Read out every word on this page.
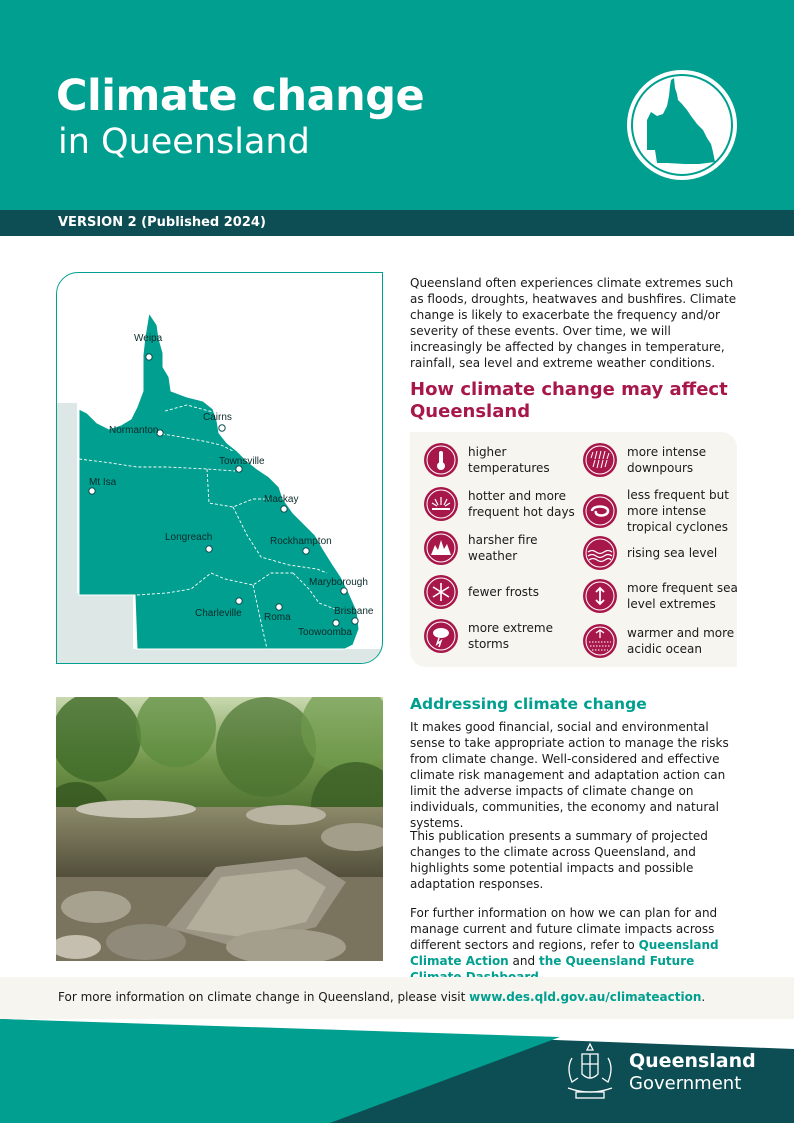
Climate change
in Queensland
VERSION 2 (Published 2024)
Weipa
Cairns
Normanton
Townsville
Mt Isa
Mackay
Longreach	Rockhampton
Maryborough
Brisbane
Charleville Roma
Toowoomba
Queensland often experiences climate extremes such as floods, droughts, heatwaves and bushfires. Climate change is likely to exacerbate the frequency and/or severity of these events. Over time, we will increasingly be affected by changes in temperature, rainfall, sea level and extreme weather conditions.
How climate change may affect Queensland
higher temperatures
hotter and more frequent hot days
harsher fire weather
fewer frosts
more extreme storms
more intense downpours
less frequent but more intense tropical cyclones
rising sea level
more frequent sea level extremes
warmer and more acidic ocean
Addressing climate change
It makes good financial, social and environmental sense to take appropriate action to manage the risks from climate change. Well-considered and effective climate risk management and adaptation action can limit the adverse impacts of climate change on individuals, communities, the economy and natural systems.
This publication presents a summary of projected changes to the climate across Queensland, and highlights some potential impacts and possible adaptation responses.
For further information on how we can plan for and manage current and future climate impacts across different sectors and regions, refer to Queensland Climate Action and the Queensland Future
For more information on climate change in Queensland, please visit www.des.qld.gov.au/climateaction.
Queensland
Government
